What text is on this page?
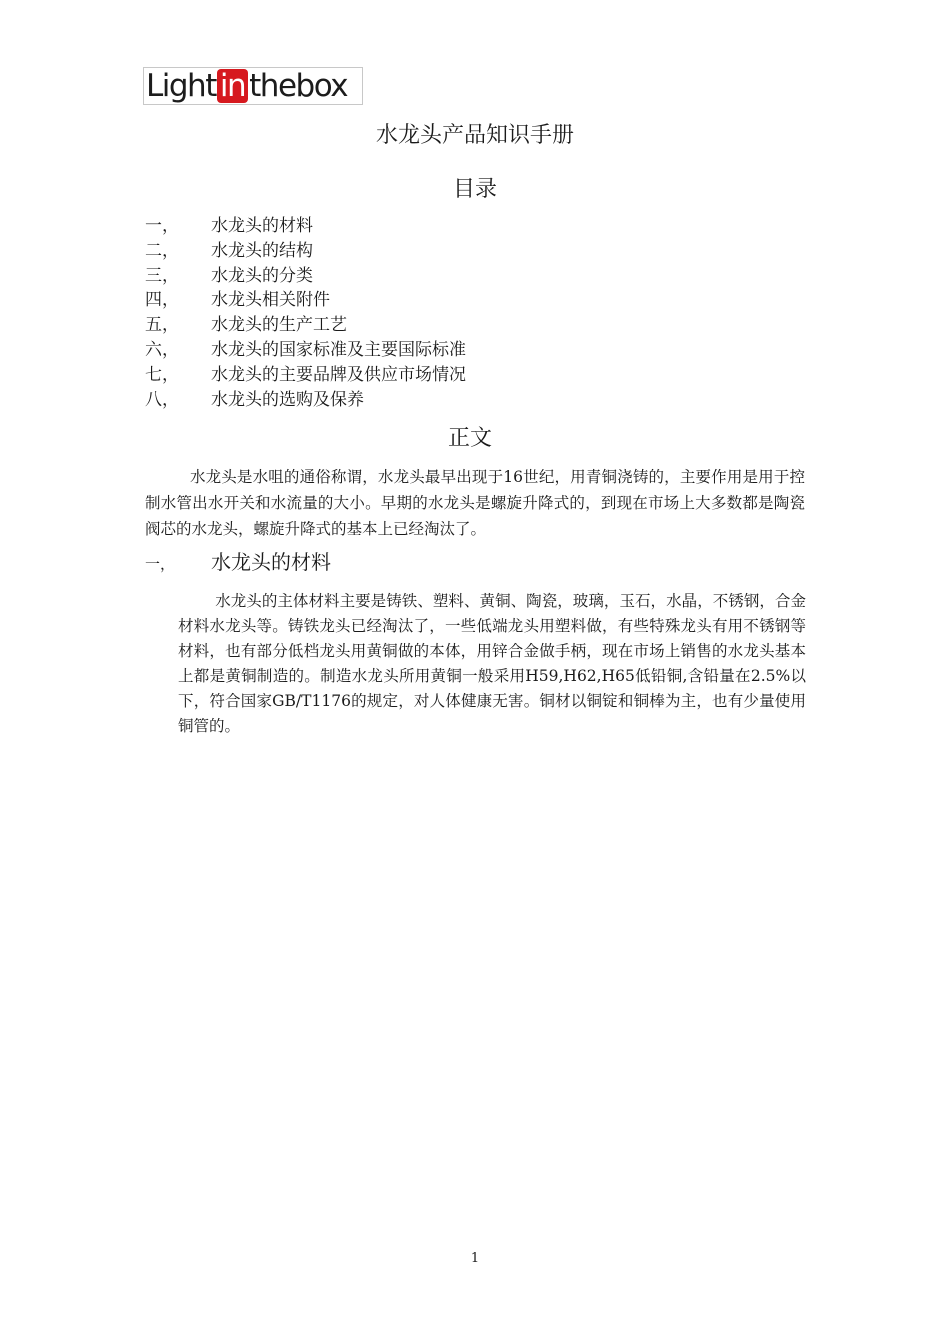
Light in thebox
水龙头产品知识手册
目录
一， 水龙头的材料
二， 水龙头的结构
三， 水龙头的分类
四， 水龙头相关附件
五， 水龙头的生产工艺
六， 水龙头的国家标准及主要国际标准
七， 水龙头的主要品牌及供应市场情况
八， 水龙头的选购及保养
正文

水龙头是水咀的通俗称谓，水龙头最早出现于16世纪，用青铜浇铸的，主要作用是用于控制水管出水开关和水流量的大小。早期的水龙头是螺旋升降式的，到现在市场上大多数都是陶瓷阀芯的水龙头，螺旋升降式的基本上已经淘汰了。

一， 水龙头的材料

水龙头的主体材料主要是铸铁、塑料、黄铜、陶瓷，玻璃，玉石，水晶，不锈钢，合金材料水龙头等。铸铁龙头已经淘汰了，一些低端龙头用塑料做，有些特殊龙头有用不锈钢等材料，也有部分低档龙头用黄铜做的本体，用锌合金做手柄，现在市场上销售的水龙头基本上都是黄铜制造的。制造水龙头所用黄铜一般采用H59,H62,H65低铅铜,含铅量在2.5%以下，符合国家GB/T1176的规定，对人体健康无害。铜材以铜锭和铜棒为主，也有少量使用铜管的。

1
